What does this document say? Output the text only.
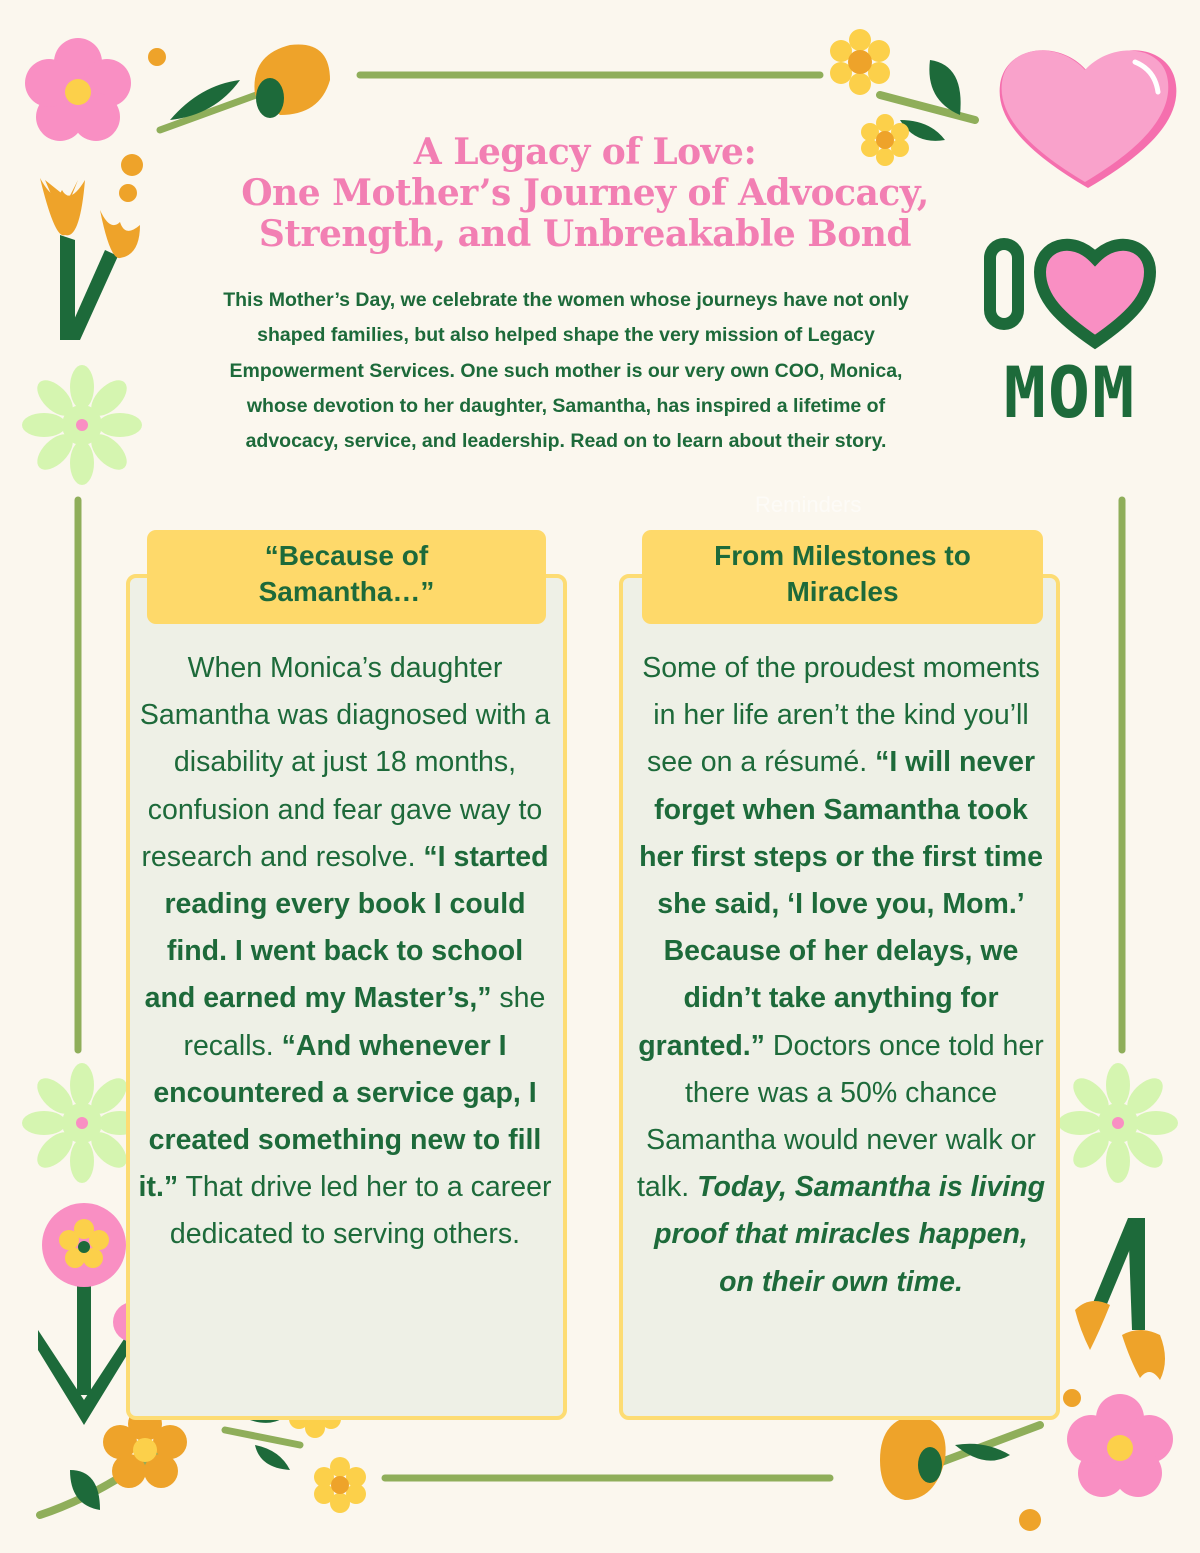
A Legacy of Love:
One Mother’s Journey of Advocacy,
Strength, and Unbreakable Bond
MOM

This Mother’s Day, we celebrate the women whose journeys have not only shaped families, but also helped shape the very mission of Legacy Empowerment Services. One such mother is our very own COO, Monica, whose devotion to her daughter, Samantha, has inspired a lifetime of advocacy, service, and leadership. Read on to learn about their story.

Reminders
“Because of
Samantha…”

When Monica’s daughter Samantha was diagnosed with a disability at just 18 months, confusion and fear gave way to research and resolve. “I started reading every book I could find. I went back to school and earned my Master’s,” she recalls. “And whenever I encountered a service gap, I created something new to fill it.” That drive led her to a career dedicated to serving others.

From Milestones to
Miracles

Some of the proudest moments in her life aren’t the kind you’ll see on a résumé. “I will never forget when Samantha took her first steps or the first time she said, ‘I love you, Mom.’ Because of her delays, we didn’t take anything for granted.” Doctors once told her there was a 50% chance Samantha would never walk or talk. Today, Samantha is living proof that miracles happen, on their own time.
